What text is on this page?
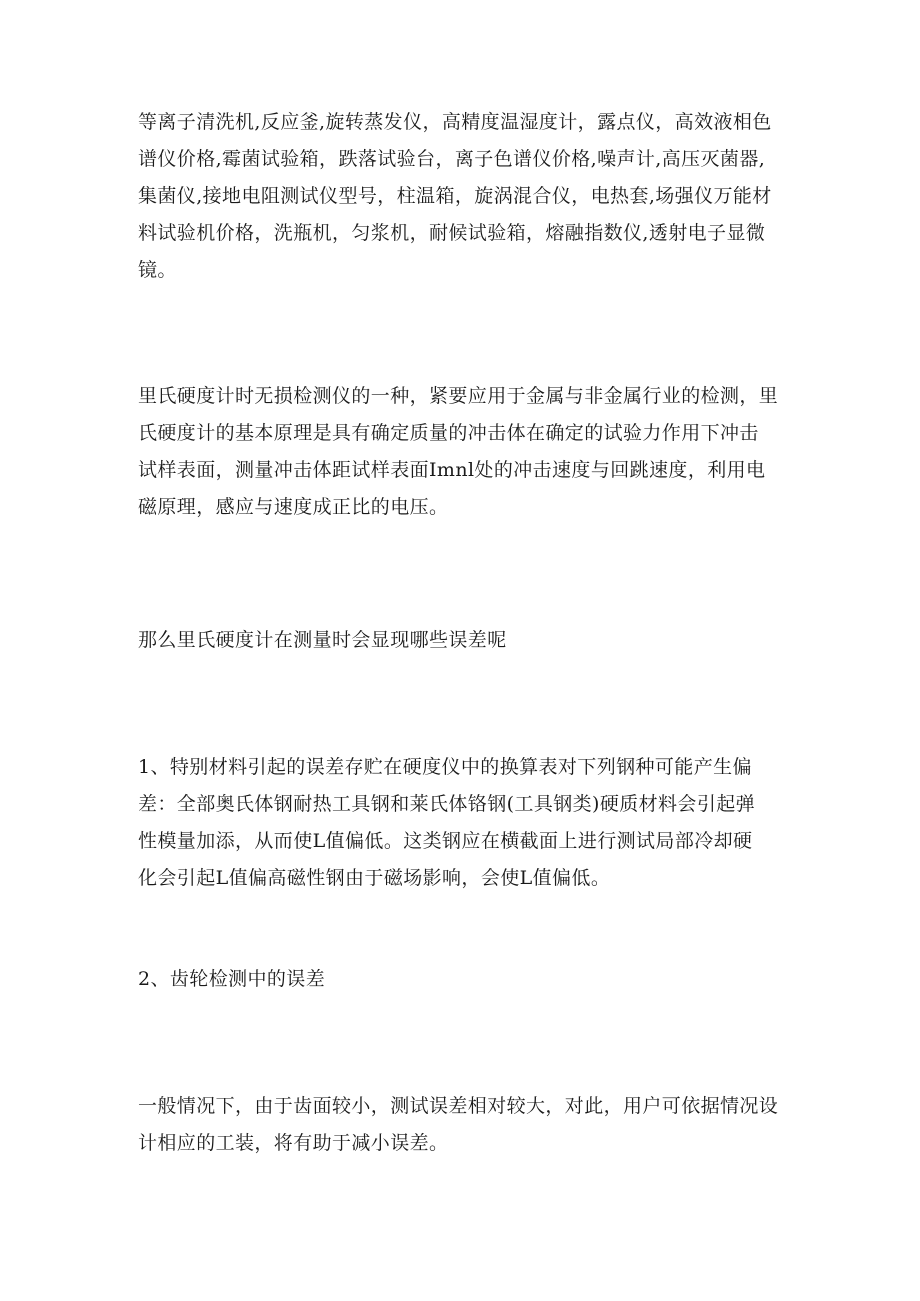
等离子清洗机,反应釜,旋转蒸发仪，高精度温湿度计，露点仪，高效液相色
谱仪价格,霉菌试验箱，跌落试验台，离子色谱仪价格,噪声计,高压灭菌器,
集菌仪,接地电阻测试仪型号，柱温箱，旋涡混合仪，电热套,场强仪万能材
料试验机价格，洗瓶机，匀浆机，耐候试验箱，熔融指数仪,透射电子显微
镜。

里氏硬度计时无损检测仪的一种，紧要应用于金属与非金属行业的检测，里
氏硬度计的基本原理是具有确定质量的冲击体在确定的试验力作用下冲击
试样表面，测量冲击体距试样表面Imnl处的冲击速度与回跳速度，利用电
磁原理，感应与速度成正比的电压。

那么里氏硬度计在测量时会显现哪些误差呢

1、特别材料引起的误差存贮在硬度仪中的换算表对下列钢种可能产生偏
差：全部奥氏体钢耐热工具钢和莱氏体铬钢(工具钢类)硬质材料会引起弹
性模量加添，从而使L值偏低。这类钢应在横截面上进行测试局部冷却硬
化会引起L值偏高磁性钢由于磁场影响，会使L值偏低。

2、齿轮检测中的误差

一般情况下，由于齿面较小，测试误差相对较大，对此，用户可依据情况设
计相应的工装，将有助于减小误差。
